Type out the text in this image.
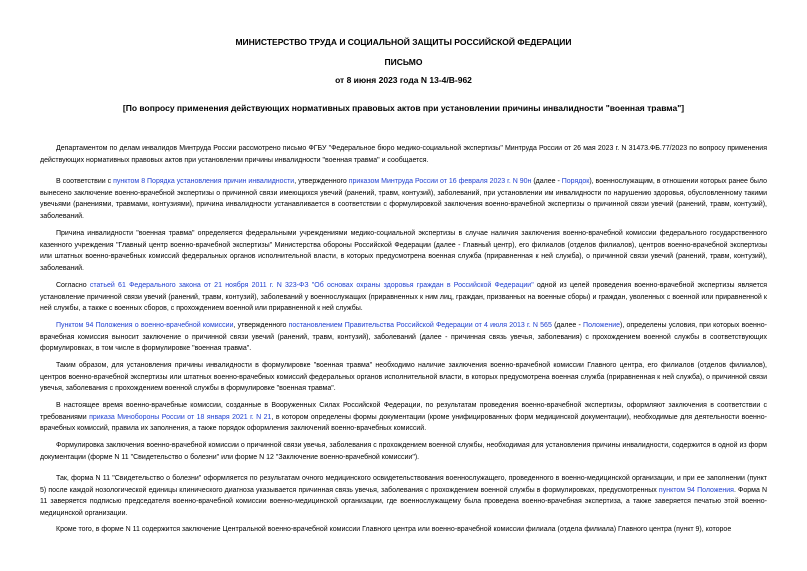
МИНИСТЕРСТВО ТРУДА И СОЦИАЛЬНОЙ ЗАЩИТЫ РОССИЙСКОЙ ФЕДЕРАЦИИ
ПИСЬМО
от 8 июня 2023 года N 13-4/В-962
[По вопросу применения действующих нормативных правовых актов при установлении причины инвалидности "военная травма"]
Департаментом по делам инвалидов Минтруда России рассмотрено письмо ФГБУ "Федеральное бюро медико-социальной экспертизы" Минтруда России от 26 мая 2023 г. N 31473.ФБ.77/2023 по вопросу применения действующих нормативных правовых актов при установлении причины инвалидности "военная травма" и сообщается.
В соответствии с пунктом 8 Порядка установления причин инвалидности, утвержденного приказом Минтруда России от 16 февраля 2023 г. N 90н (далее - Порядок), военнослужащим, в отношении которых ранее было вынесено заключение военно-врачебной экспертизы о причинной связи имеющихся увечий (ранений, травм, контузий), заболеваний, при установлении им инвалидности по нарушению здоровья, обусловленному такими увечьями (ранениями, травмами, контузиями), причина инвалидности устанавливается в соответствии с формулировкой заключения военно-врачебной экспертизы о причинной связи увечий (ранений, травм, контузий), заболеваний.
Причина инвалидности "военная травма" определяется федеральными учреждениями медико-социальной экспертизы в случае наличия заключения военно-врачебной комиссии федерального государственного казенного учреждения "Главный центр военно-врачебной экспертизы" Министерства обороны Российской Федерации (далее - Главный центр), его филиалов (отделов филиалов), центров военно-врачебной экспертизы или штатных военно-врачебных комиссий федеральных органов исполнительной власти, в которых предусмотрена военная служба (приравненная к ней служба), о причинной связи увечий (ранений, травм, контузий), заболеваний.
Согласно статьей 61 Федерального закона от 21 ноября 2011 г. N 323-ФЗ "Об основах охраны здоровья граждан в Российской Федерации" одной из целей проведения военно-врачебной экспертизы является установление причинной связи увечий (ранений, травм, контузий), заболеваний у военнослужащих (приравненных к ним лиц, граждан, призванных на военные сборы) и граждан, уволенных с военной или приравненной к ней службы, а также с военных сборов, с прохождением военной или приравненной к ней службы.
Пунктом 94 Положения о военно-врачебной комиссии, утвержденного постановлением Правительства Российской Федерации от 4 июля 2013 г. N 565 (далее - Положение), определены условия, при которых военно-врачебная комиссия выносит заключение о причинной связи увечий (ранений, травм, контузий), заболеваний (далее - причинная связь увечья, заболевания) с прохождением военной службы в соответствующих формулировках, в том числе в формулировке "военная травма".
Таким образом, для установления причины инвалидности в формулировке "военная травма" необходимо наличие заключения военно-врачебной комиссии Главного центра, его филиалов (отделов филиалов), центров военно-врачебной экспертизы или штатных военно-врачебных комиссий федеральных органов исполнительной власти, в которых предусмотрена военная служба (приравненная к ней служба), о причинной связи увечья, заболевания с прохождением военной службы в формулировке "военная травма".
В настоящее время военно-врачебные комиссии, созданные в Вооруженных Силах Российской Федерации, по результатам проведения военно-врачебной экспертизы, оформляют заключения в соответствии с требованиями приказа Минобороны России от 18 января 2021 г. N 21, в котором определены формы документации (кроме унифицированных форм медицинской документации), необходимые для деятельности военно-врачебных комиссий, правила их заполнения, а также порядок оформления заключений военно-врачебных комиссий.
Формулировка заключения военно-врачебной комиссии о причинной связи увечья, заболевания с прохождением военной службы, необходимая для установления причины инвалидности, содержится в одной из форм документации (форме N 11 "Свидетельство о болезни" или форме N 12 "Заключение военно-врачебной комиссии").
Так, форма N 11 "Свидетельство о болезни" оформляется по результатам очного медицинского освидетельствования военнослужащего, проведенного в военно-медицинской организации, и при ее заполнении (пункт 5) после каждой нозологической единицы клинического диагноза указывается причинная связь увечья, заболевания с прохождением военной службы в формулировках, предусмотренных пунктом 94 Положения. Форма N 11 заверяется подписью председателя военно-врачебной комиссии военно-медицинской организации, где военнослужащему была проведена военно-врачебная экспертиза, а также заверяется печатью этой военно-медицинской организации.
Кроме того, в форме N 11 содержится заключение Центральной военно-врачебной комиссии Главного центра или военно-врачебной комиссии филиала (отдела филиала) Главного центра (пункт 9), которое
